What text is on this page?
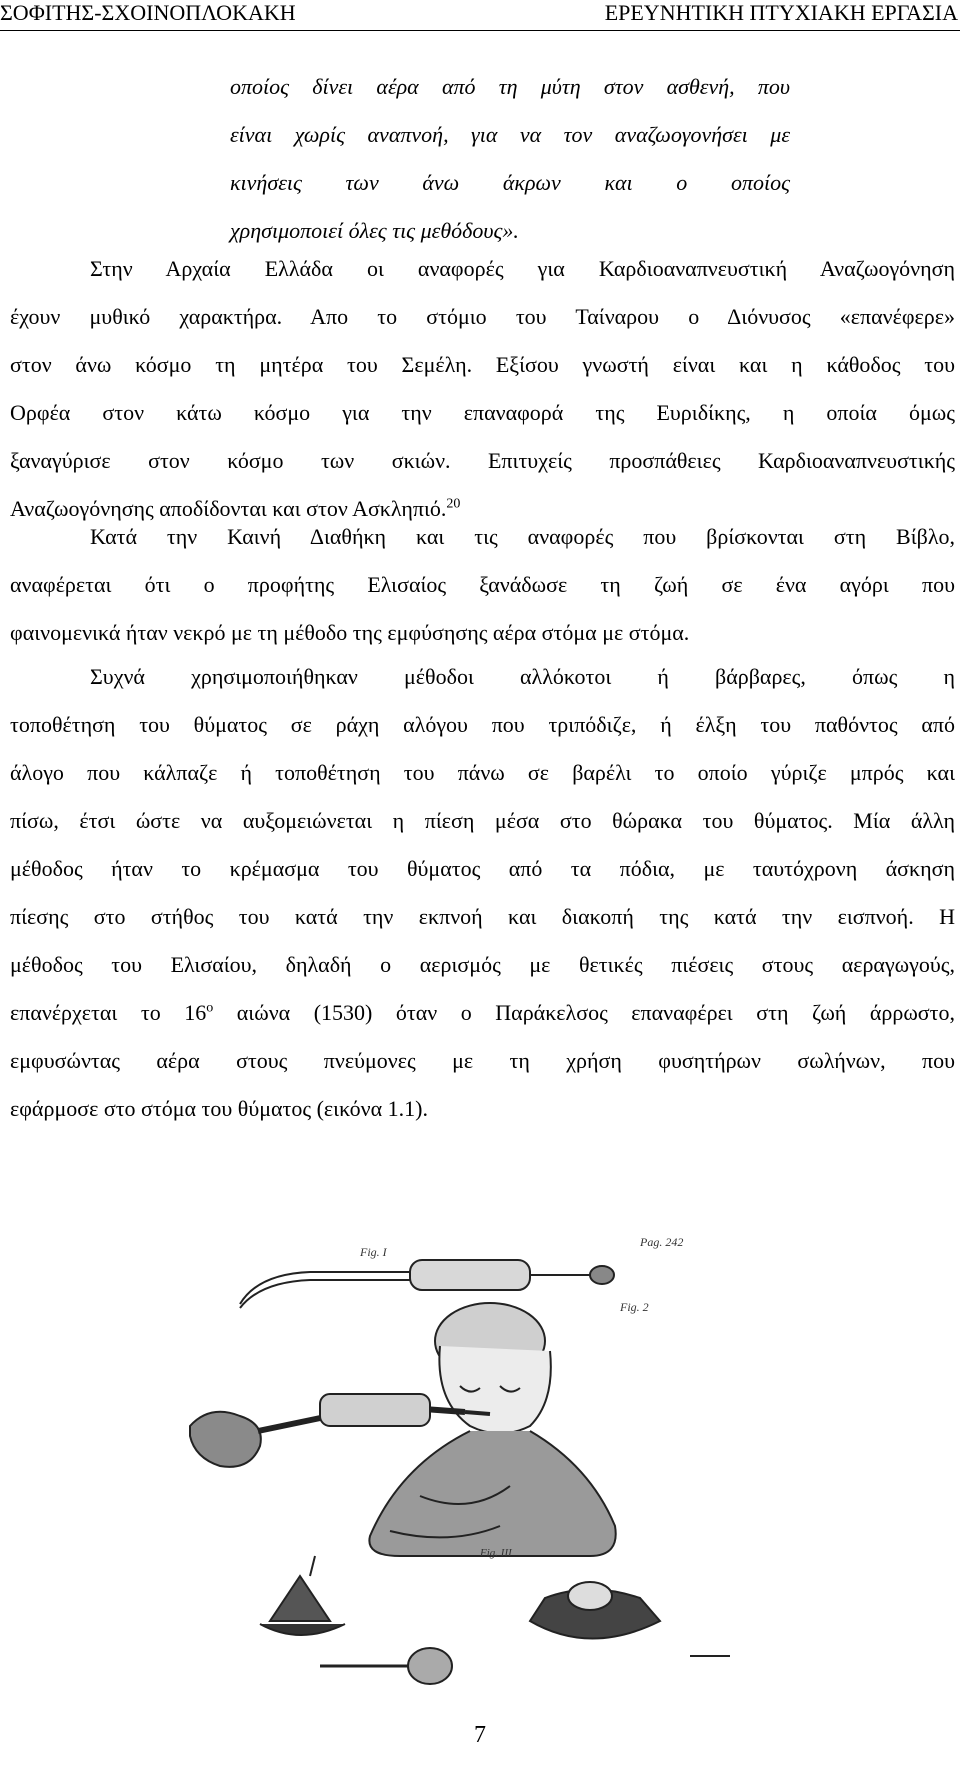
ΣΟΦΙΤΗΣ-ΣΧΟΙΝΟΠΛΟΚΑΚΗ	ΕΡΕΥΝΗΤΙΚΗ ΠΤΥΧΙΑΚΗ ΕΡΓΑΣΙΑ
οποίος δίνει αέρα από τη μύτη στον ασθενή, που
είναι χωρίς αναπνοή, για να τον αναζωογονήσει με
κινήσεις των άνω άκρων και ο οποίος
χρησιμοποιεί όλες τις μεθόδους».
Στην Αρχαία Ελλάδα οι αναφορές για Καρδιοαναπνευστική Αναζωογόνηση
έχουν μυθικό χαρακτήρα. Απο το στόμιο του Ταίναρου ο Διόνυσος «επανέφερε»
στον άνω κόσμο τη μητέρα του Σεμέλη. Εξίσου γνωστή είναι και η κάθοδος του
Ορφέα στον κάτω κόσμο για την επαναφορά της Ευριδίκης, η οποία όμως
ξαναγύρισε στον κόσμο των σκιών. Επιτυχείς προσπάθειες Καρδιοαναπνευστικής
Αναζωογόνησης αποδίδονται και στον Ασκληπιό.$^{20}$
Κατά την Καινή Διαθήκη και τις αναφορές που βρίσκονται στη Βίβλο,
αναφέρεται ότι ο προφήτης Ελισαίος ξανάδωσε τη ζωή σε ένα αγόρι που
φαινομενικά ήταν νεκρό με τη μέθοδο της εμφύσησης αέρα στόμα με στόμα.
Συχνά χρησιμοποιήθηκαν μέθοδοι αλλόκοτοι ή βάρβαρες, όπως η
τοποθέτηση του θύματος σε ράχη αλόγου που τριπόδιζε, ή έλξη του παθόντος από
άλογο που κάλπαζε ή τοποθέτηση του πάνω σε βαρέλι το οποίο γύριζε μπρός και
πίσω, έτσι ώστε να αυξομειώνεται η πίεση μέσα στο θώρακα του θύματος. Μία άλλη
μέθοδος ήταν το κρέμασμα του θύματος από τα πόδια, με ταυτόχρονη άσκηση
πίεσης στο στήθος του κατά την εκπνοή και διακοπή της κατά την εισπνοή. Η
μέθοδος του Ελισαίου, δηλαδή ο αερισμός με θετικές πιέσεις στους αεραγωγούς,
επανέρχεται το $16^o$ αιώνα (1530) όταν ο Παράκελσος επαναφέρει στη ζωή άρρωστο,
εμφυσώντας αέρα στους πνεύμονες με τη χρήση φυσητήρων σωλήνων, που
εφάρμοσε στο στόμα του θύματος (εικόνα 1.1).
Fig. I
Pag. 242
Fig. 2
Fig. III
7
